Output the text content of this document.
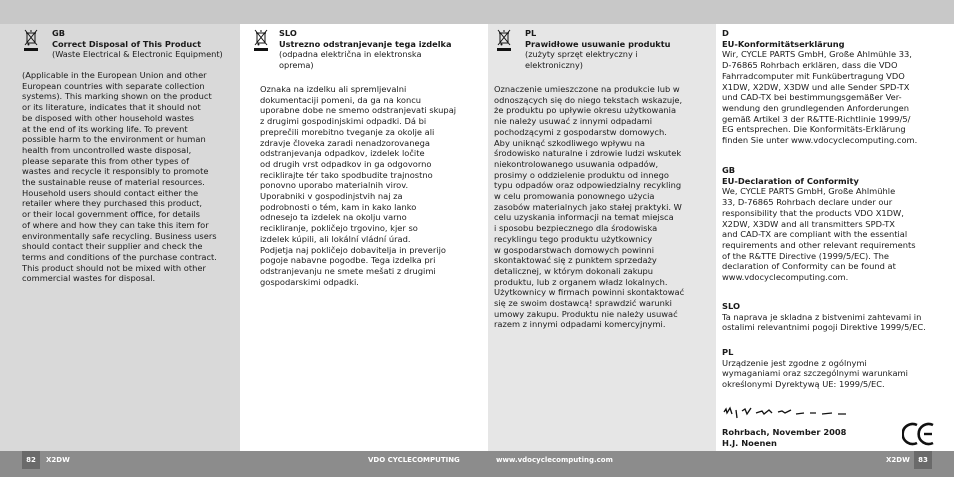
GB
Correct Disposal of This Product
(Waste Electrical & Electronic Equipment)
(Applicable in the European Union and other
European countries with separate collection
systems). This marking shown on the product
or its literature, indicates that it should not
be disposed with other household wastes
at the end of its working life. To prevent
possible harm to the environment or human
health from uncontrolled waste disposal,
please separate this from other types of
wastes and recycle it responsibly to promote
the sustainable reuse of material resources.
Household users should contact either the
retailer where they purchased this product,
or their local government office, for details
of where and how they can take this item for
environmentally safe recycling. Business users
should contact their supplier and check the
terms and conditions of the purchase contract.
This product should not be mixed with other
commercial wastes for disposal.
SLO
Ustrezno odstranjevanje tega izdelka
(odpadna električna in elektronska
oprema)
Oznaka na izdelku ali spremljevalni
dokumentaciji pomeni, da ga na koncu
uporabne dobe ne smemo odstranjevati skupaj
z drugimi gospodinjskimi odpadki. Dá bi
preprečili morebitno tveganje za okolje ali
zdravje človeka zaradi nenadzorovanega
odstranjevanja odpadkov, izdelek ločite
od drugih vrst odpadkov in ga odgovorno
reciklirajte tér tako spodbudite trajnostno
ponovno uporabo materialnih virov.
Uporabniki v gospodinjstvih naj za
podrobnosti o tém, kam in kako lanko
odnesejo ta izdelek na okolju varno
recikliranje, pokličejo trgovino, kjer so
izdelek kúpili, ali lokální vládní úrad.
Podjetja naj pokličejo dobavitelja in preverijo
pogoje nabavne pogodbe. Tega izdelka pri
odstranjevanju ne smete mešati z drugimi
gospodarskimi odpadki.
PL
Prawidłowe usuwanie produktu
(zużyty sprzęt elektryczny i
elektroniczny)
Oznaczenie umieszczone na produkcie lub w
odnoszących się do niego tekstach wskazuje,
że produktu po upływie okresu użytkowania
nie należy usuwać z innymi odpadami
pochodzącymi z gospodarstw domowych.
Aby uniknąć szkodliwego wpływu na
środowisko naturalne i zdrowie ludzi wskutek
niekontrolowanego usuwania odpadów,
prosimy o oddzielenie produktu od innego
typu odpadów oraz odpowiedzialny recykling
w celu promowania ponownego użycia
zasobów materialnych jako stałej praktyki. W
celu uzyskania informacji na temat miejsca
i sposobu bezpiecznego dla środowiska
recyklingu tego produktu użytkownicy
w gospodarstwach domowych powinni
skontaktować się z punktem sprzedaży
detalicznej, w którym dokonali zakupu
produktu, lub z organem władz lokalnych.
Użytkownicy w firmach powinni skontaktować
się ze swoim dostawcą! sprawdzić warunki
umowy zakupu. Produktu nie należy usuwać
razem z innymi odpadami komercyjnymi.
D
EU-Konformitätserklärung
Wir, CYCLE PARTS GmbH, Große Ahlmühle 33,
D-76865 Rohrbach erklären, dass die VDO
Fahrradcomputer mit Funkübertragung VDO
X1DW, X2DW, X3DW und alle Sender SPD-TX
und CAD-TX bei bestimmungsgemäßer Ver-
wendung den grundlegenden Anforderungen
gemäß Artikel 3 der R&TTE-Richtlinie 1999/5/
EG entsprechen. Die Konformitäts-Erklärung
finden Sie unter www.vdocyclecomputing.com.
GB
EU-Declaration of Conformity
We, CYCLE PARTS GmbH, Große Ahlmühle
33, D-76865 Rohrbach declare under our
responsibility that the products VDO X1DW,
X2DW, X3DW and all transmitters SPD-TX
and CAD-TX are compliant with the essential
requirements and other relevant requirements
of the R&TTE Directive (1999/5/EC). The
declaration of Conformity can be found at
www.vdocyclecomputing.com.
SLO
Ta naprava je skladna z bistvenimi zahtevami in
ostalimi relevantnimi pogoji Direktive 1999/5/EC.
PL
Urządzenie jest zgodne z ogólnymi
wymaganiami oraz szczególnymi warunkami
określonymi Dyrektywą UE: 1999/5/EC.
Rohrbach, November 2008
H.J. Noenen
82	X2DW	VDO CYCLECOMPUTING	www.vdocyclecomputing.com	X2DW	83
